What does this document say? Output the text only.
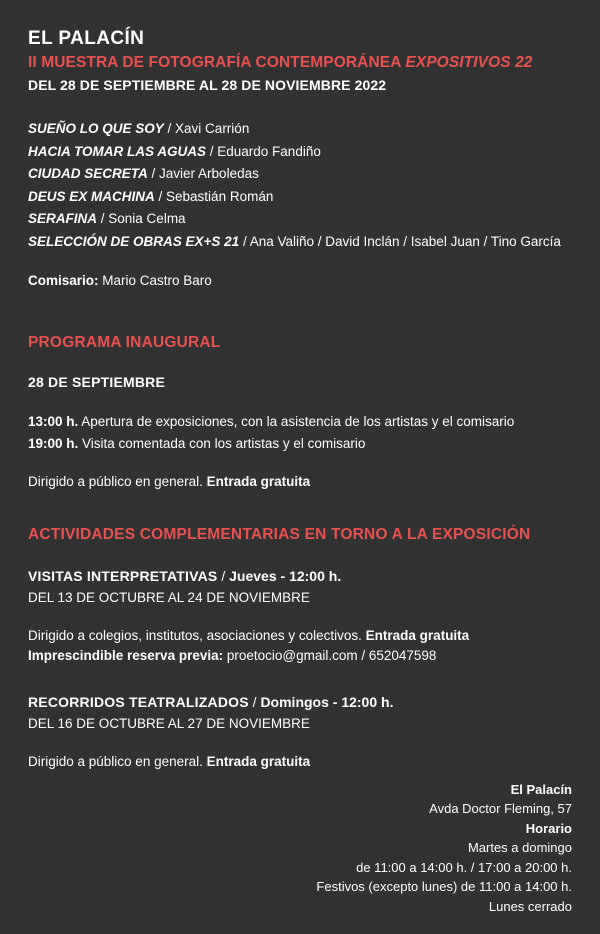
EL PALACÍN
II MUESTRA DE FOTOGRAFÍA CONTEMPORÁNEA EXPOSITIVOS 22
DEL 28 DE SEPTIEMBRE AL 28 DE NOVIEMBRE 2022
SUEÑO LO QUE SOY / Xavi Carrión
HACIA TOMAR LAS AGUAS / Eduardo Fandiño
CIUDAD SECRETA / Javier Arboledas
DEUS EX MACHINA / Sebastián Román
SERAFINA / Sonia Celma
SELECCIÓN DE OBRAS EX+S 21 / Ana Valiño / David Inclán / Isabel Juan / Tino García
Comisario: Mario Castro Baro
PROGRAMA INAUGURAL
28 DE SEPTIEMBRE
13:00 h. Apertura de exposiciones, con la asistencia de los artistas y el comisario
19:00 h. Visita comentada con los artistas y el comisario
Dirigido a público en general. Entrada gratuita
ACTIVIDADES COMPLEMENTARIAS EN TORNO A LA EXPOSICIÓN
VISITAS INTERPRETATIVAS / Jueves - 12:00 h.
DEL 13 DE OCTUBRE AL 24 DE NOVIEMBRE
Dirigido a colegios, institutos, asociaciones y colectivos. Entrada gratuita
Imprescindible reserva previa: proetocio@gmail.com / 652047598
RECORRIDOS TEATRALIZADOS / Domingos - 12:00 h.
DEL 16 DE OCTUBRE AL 27 DE NOVIEMBRE
Dirigido a público en general. Entrada gratuita
El Palacín
Avda Doctor Fleming, 57
Horario
Martes a domingo
de 11:00 a 14:00 h. / 17:00 a 20:00 h.
Festivos (excepto lunes) de 11:00 a 14:00 h.
Lunes cerrado
